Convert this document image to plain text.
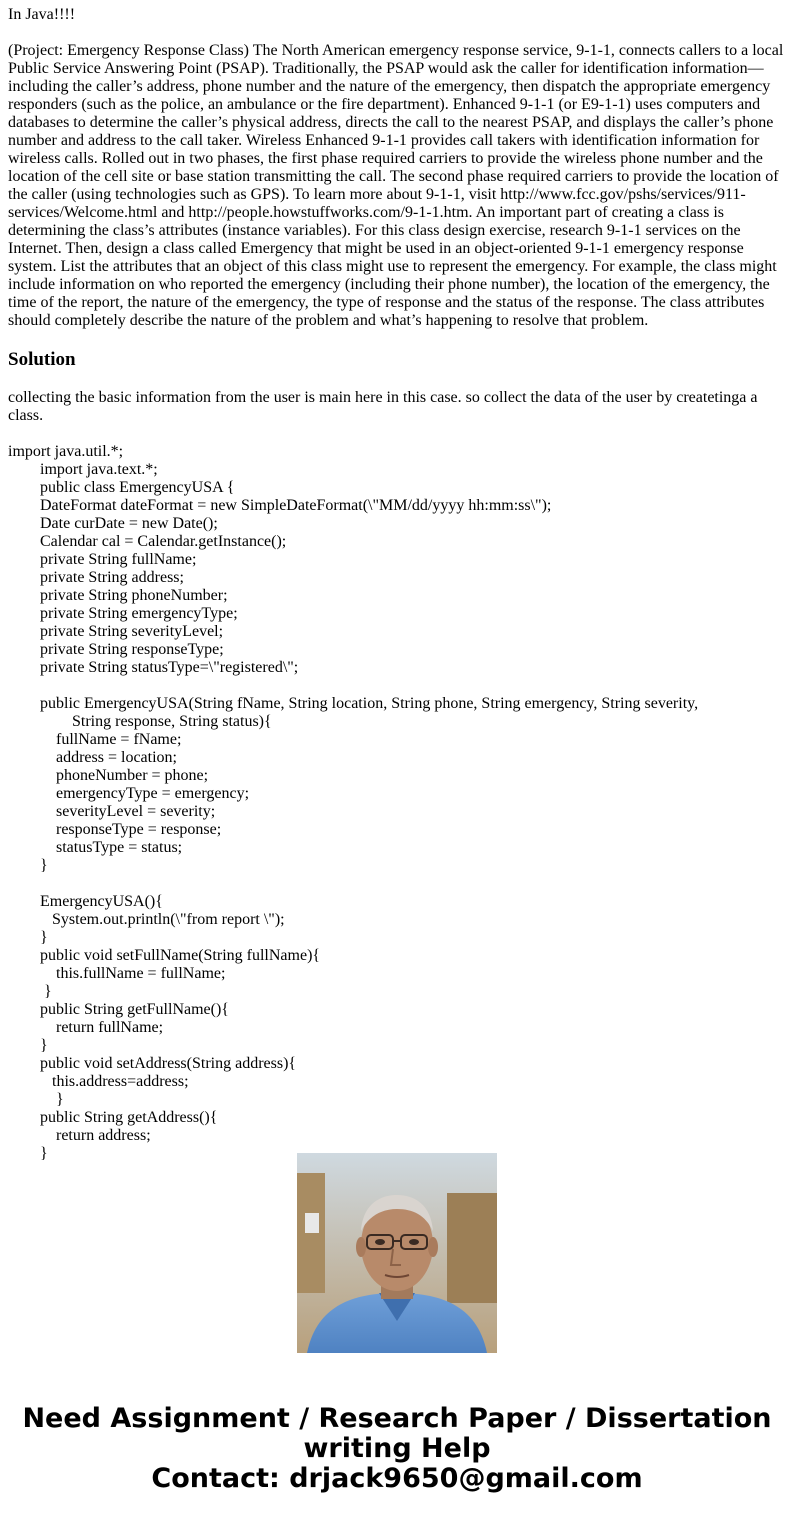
In Java!!!!

(Project: Emergency Response Class) The North American emergency response service, 9-1-1, connects callers to a local Public Service Answering Point (PSAP). Traditionally, the PSAP would ask the caller for identification information—including the caller’s address, phone number and the nature of the emergency, then dispatch the appropriate emergency responders (such as the police, an ambulance or the fire department). Enhanced 9-1-1 (or E9-1-1) uses computers and databases to determine the caller’s physical address, directs the call to the nearest PSAP, and displays the caller’s phone number and address to the call taker. Wireless Enhanced 9-1-1 provides call takers with identification information for wireless calls. Rolled out in two phases, the first phase required carriers to provide the wireless phone number and the location of the cell site or base station transmitting the call. The second phase required carriers to provide the location of the caller (using technologies such as GPS). To learn more about 9-1-1, visit http://www.fcc.gov/pshs/services/911-services/Welcome.html and http://people.howstuffworks.com/9-1-1.htm. An important part of creating a class is determining the class’s attributes (instance variables). For this class design exercise, research 9-1-1 services on the Internet. Then, design a class called Emergency that might be used in an object-oriented 9-1-1 emergency response system. List the attributes that an object of this class might use to represent the emergency. For example, the class might include information on who reported the emergency (including their phone number), the location of the emergency, the time of the report, the nature of the emergency, the type of response and the status of the response. The class attributes should completely describe the nature of the problem and what’s happening to resolve that problem.

Solution

collecting the basic information from the user is main here in this case. so collect the data of the user by createtinga a class.

import java.util.*;
import java.text.*;
public class EmergencyUSA {
DateFormat dateFormat = new SimpleDateFormat(\"MM/dd/yyyy hh:mm:ss\");
Date curDate = new Date();
Calendar cal = Calendar.getInstance();
private String fullName;
private String address;
private String phoneNumber;
private String emergencyType;
private String severityLevel;
private String responseType;
private String statusType=\"registered\";

public EmergencyUSA(String fName, String location, String phone, String emergency, String severity,
String response, String status){
fullName = fName;
address = location;
phoneNumber = phone;
emergencyType = emergency;
severityLevel = severity;
responseType = response;
statusType = status;
}

EmergencyUSA(){
System.out.println(\"from report \");
}
public void setFullName(String fullName){
this.fullName = fullName;
}
public String getFullName(){
return fullName;
}
public void setAddress(String address){
this.address=address;
}
public String getAddress(){
return address;
}
Need Assignment / Research Paper / Dissertation
writing Help
Contact: drjack9650@gmail.com
